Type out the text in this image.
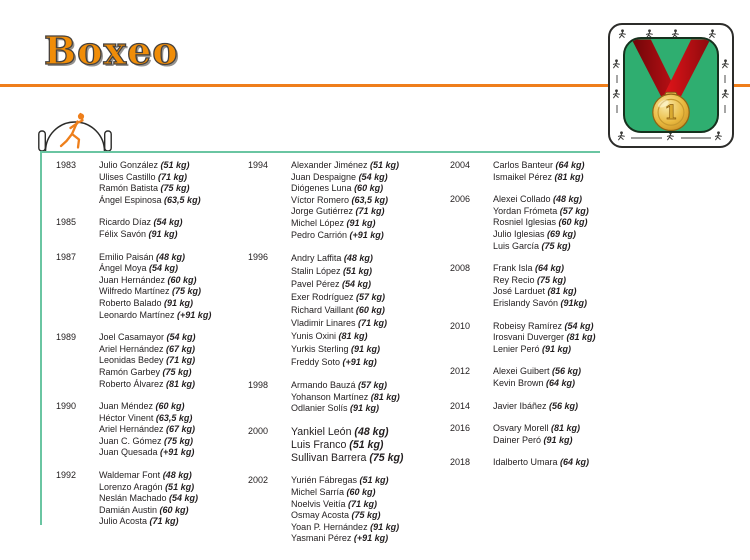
Boxeo
1
1983	Julio González (51 kg)
Ulises Castillo (71 kg)
Ramón Batista (75 kg)
Ángel Espinosa (63,5 kg)
1985	Ricardo Díaz (54 kg)
Félix Savón (91 kg)
1987	Emilio Paisán (48 kg)
Ángel Moya (54 kg)
Juan Hernández (60 kg)
Wilfredo Martínez (75 kg)
Roberto Balado (91 kg)
Leonardo Martínez (+91 kg)
1989	Joel Casamayor (54 kg)
Ariel Hernández (67 kg)
Leonidas Bedey (71 kg)
Ramón Garbey (75 kg)
Roberto Álvarez (81 kg)
1990	Juan Méndez (60 kg)
Héctor Vinent (63,5 kg)
Ariel Hernández (67 kg)
Juan C. Gómez (75 kg)
Juan Quesada (+91 kg)
1992	Waldemar Font (48 kg)
Lorenzo Aragón (51 kg)
Neslán Machado (54 kg)
Damián Austin (60 kg)
Julio Acosta (71 kg)
1994	Alexander Jiménez (51 kg)
Juan Despaigne (54 kg)
Diógenes Luna (60 kg)
Víctor Romero (63,5 kg)
Jorge Gutiérrez (71 kg)
Michel López (91 kg)
Pedro Carrión (+91 kg)
1996	Andry Laffita (48 kg)
Stalin López (51 kg)
Pavel Pérez (54 kg)
Exer Rodríguez (57 kg)
Richard Vaillant (60 kg)
Vladimir Linares (71 kg)
Yunis Oxini (81 kg)
Yurkis Sterling (91 kg)
Freddy Soto (+91 kg)
1998	Armando Bauzá (57 kg)
Yohanson Martínez (81 kg)
Odlanier Solís (91 kg)
2000	Yankiel León (48 kg)
Luis Franco (51 kg)
Sullivan Barrera (75 kg)
2002	Yurién Fábregas (51 kg)
Michel Sarría (60 kg)
Noelvis Veitía (71 kg)
Osmay Acosta (75 kg)
Yoan P. Hernández (91 kg)
Yasmani Pérez (+91 kg)
2004	Carlos Banteur (64 kg)
Ismaikel Pérez (81 kg)
2006	Alexei Collado (48 kg)
Yordan Frómeta (57 kg)
Rosniel Iglesias (60 kg)
Julio Iglesias (69 kg)
Luis García (75 kg)
2008	Frank Isla (64 kg)
Rey Recio (75 kg)
José Larduet (81 kg)
Erislandy Savón (91kg)
2010	Robeisy Ramírez (54 kg)
Irosvani Duverger (81 kg)
Lenier Peró (91 kg)
2012	Alexei Guibert (56 kg)
Kevin Brown (64 kg)
2014	Javier Ibáñez (56 kg)
2016	Osvary Morell (81 kg)
Dainer Peró (91 kg)
2018	Idalberto Umara (64 kg)
